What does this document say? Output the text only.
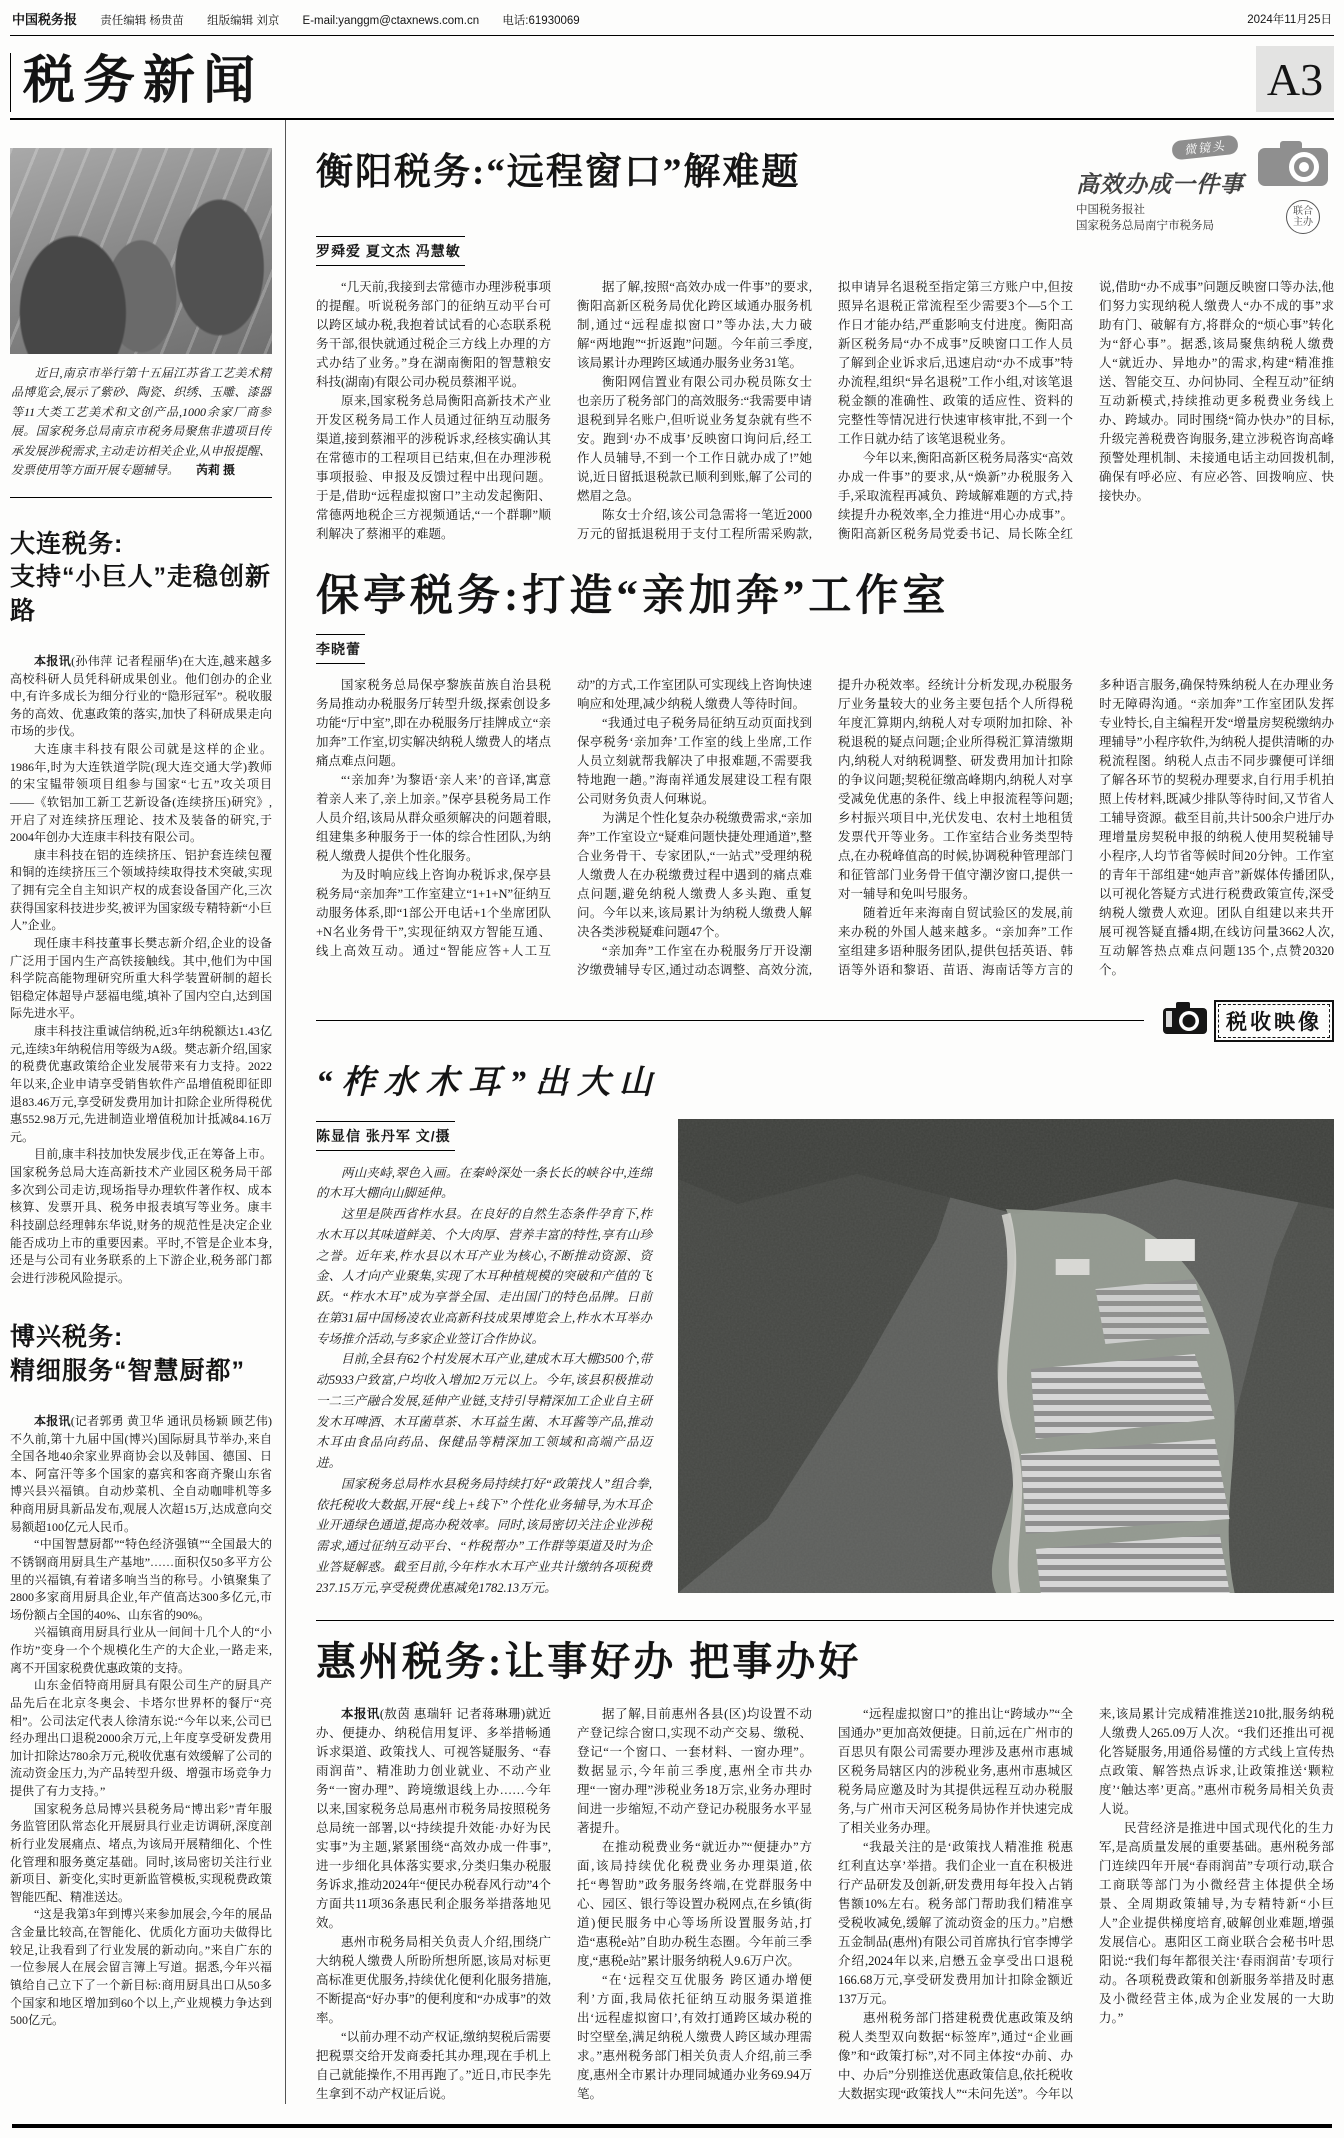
中国税务报 责任编辑 杨贵苗 组版编辑 刘京 E-mail:yanggm@ctaxnews.com.cn 电话:61930069	2024年11月25日
税务新闻	A3

近日,南京市举行第十五届江苏省工艺美术精品博览会,展示了紫砂、陶瓷、织绣、玉雕、漆器等11大类工艺美术和文创产品,1000余家厂商参展。国家税务总局南京市税务局聚焦非遗项目传承发展涉税需求,主动走访相关企业,从申报提醒、发票使用等方面开展专题辅导。 芮莉 摄

大连税务:
支持“小巨人”走稳创新路

本报讯(孙伟萍 记者程丽华)在大连,越来越多高校科研人员凭科研成果创业。他们创办的企业中,有许多成长为细分行业的“隐形冠军”。税收服务的高效、优惠政策的落实,加快了科研成果走向市场的步伐。

大连康丰科技有限公司就是这样的企业。1986年,时为大连铁道学院(现大连交通大学)教师的宋宝韫带领项目组参与国家“七五”攻关项目——《软铝加工新工艺新设备(连续挤压)研究》,开启了对连续挤压理论、技术及装备的研究,于2004年创办大连康丰科技有限公司。

康丰科技在铝的连续挤压、铝护套连续包覆和铜的连续挤压三个领域持续取得技术突破,实现了拥有完全自主知识产权的成套设备国产化,三次获得国家科技进步奖,被评为国家级专精特新“小巨人”企业。

现任康丰科技董事长樊志新介绍,企业的设备广泛用于国内生产高铁接触线。其中,他们为中国科学院高能物理研究所重大科学装置研制的超长铝稳定体超导卢瑟福电缆,填补了国内空白,达到国际先进水平。

康丰科技注重诚信纳税,近3年纳税额达1.43亿元,连续3年纳税信用等级为A级。樊志新介绍,国家的税费优惠政策给企业发展带来有力支持。2022年以来,企业申请享受销售软件产品增值税即征即退83.46万元,享受研发费用加计扣除企业所得税优惠552.98万元,先进制造业增值税加计抵减84.16万元。

目前,康丰科技加快发展步伐,正在筹备上市。国家税务总局大连高新技术产业园区税务局干部多次到公司走访,现场指导办理软件著作权、成本核算、发票开具、税务申报表填写等业务。康丰科技副总经理韩东华说,财务的规范性是决定企业能否成功上市的重要因素。平时,不管是企业本身,还是与公司有业务联系的上下游企业,税务部门都会进行涉税风险提示。

博兴税务:
精细服务“智慧厨都”

本报讯(记者郭勇 黄卫华 通讯员杨颖 顾艺伟)不久前,第十九届中国(博兴)国际厨具节举办,来自全国各地40余家业界商协会以及韩国、德国、日本、阿富汗等多个国家的嘉宾和客商齐聚山东省博兴县兴福镇。自动炒菜机、全自动咖啡机等多种商用厨具新品发布,观展人次超15万,达成意向交易额超100亿元人民币。

“中国智慧厨都”“特色经济强镇”“全国最大的不锈钢商用厨具生产基地”……面积仅50多平方公里的兴福镇,有着诸多响当当的称号。小镇聚集了2800多家商用厨具企业,年产值高达300多亿元,市场份额占全国的40%、山东省的90%。

兴福镇商用厨具行业从一间间十几个人的“小作坊”变身一个个规模化生产的大企业,一路走来,离不开国家税费优惠政策的支持。

山东金佰特商用厨具有限公司生产的厨具产品先后在北京冬奥会、卡塔尔世界杯的餐厅“亮相”。公司法定代表人徐清东说:“今年以来,公司已经办理出口退税2000余万元,上年度享受研发费用加计扣除达780余万元,税收优惠有效缓解了公司的流动资金压力,为产品转型升级、增强市场竞争力提供了有力支持。”

国家税务总局博兴县税务局“博出彩”青年服务监管团队常态化开展厨具行业走访调研,深度剖析行业发展痛点、堵点,为该局开展精细化、个性化管理和服务奠定基础。同时,该局密切关注行业新项目、新变化,实时更新监管模板,实现税费政策智能匹配、精准送达。

“这是我第3年到博兴来参加展会,今年的展品含金量比较高,在智能化、优质化方面功夫做得比较足,让我看到了行业发展的新动向。”来自广东的一位参展人在展会留言簿上写道。据悉,今年兴福镇给自己立下了一个新目标:商用厨具出口从50多个国家和地区增加到60个以上,产业规模力争达到500亿元。

衡阳税务:“远程窗口”解难题
微镜头
高效办成一件事
中国税务报社
国家税务总局南宁市税务局
联合
主办
罗舜爱 夏文杰 冯慧敏

“几天前,我接到去常德市办理涉税事项的提醒。听说税务部门的征纳互动平台可以跨区域办税,我抱着试试看的心态联系税务干部,很快就通过税企三方线上办理的方式办结了业务。”身在湖南衡阳的智慧粮安科技(湖南)有限公司办税员蔡湘平说。

原来,国家税务总局衡阳高新技术产业开发区税务局工作人员通过征纳互动服务渠道,接到蔡湘平的涉税诉求,经核实确认其在常德市的工程项目已结束,但在办理涉税事项报验、申报及反馈过程中出现问题。于是,借助“远程虚拟窗口”主动发起衡阳、常德两地税企三方视频通话,“一个群聊”顺利解决了蔡湘平的难题。

据了解,按照“高效办成一件事”的要求,衡阳高新区税务局优化跨区域通办服务机制,通过“远程虚拟窗口”等办法,大力破解“两地跑”“折返跑”问题。今年前三季度,该局累计办理跨区域通办服务业务31笔。

衡阳网信置业有限公司办税员陈女士也亲历了税务部门的高效服务:“我需要申请退税到异名账户,但听说业务复杂就有些不安。跑到‘办不成事’反映窗口询问后,经工作人员辅导,不到一个工作日就办成了!”她说,近日留抵退税款已顺利到账,解了公司的燃眉之急。

陈女士介绍,该公司急需将一笔近2000万元的留抵退税用于支付工程所需采购款,拟申请异名退税至指定第三方账户中,但按照异名退税正常流程至少需要3个—5个工作日才能办结,严重影响支付进度。衡阳高新区税务局“办不成事”反映窗口工作人员了解到企业诉求后,迅速启动“办不成事”特办流程,组织“异名退税”工作小组,对该笔退税金额的准确性、政策的适应性、资料的完整性等情况进行快速审核审批,不到一个工作日就办结了该笔退税业务。

今年以来,衡阳高新区税务局落实“高效办成一件事”的要求,从“焕新”办税服务入手,采取流程再减负、跨域解难题的方式,持续提升办税效率,全力推进“用心办成事”。衡阳高新区税务局党委书记、局长陈全红说,借助“办不成事”问题反映窗口等办法,他们努力实现纳税人缴费人“办不成的事”求助有门、破解有方,将群众的“烦心事”转化为“舒心事”。据悉,该局聚焦纳税人缴费人“就近办、异地办”的需求,构建“精准推送、智能交互、办问协同、全程互动”征纳互动新模式,持续推动更多税费业务线上办、跨域办。同时围绕“简办快办”的目标,升级完善税费咨询服务,建立涉税咨询高峰预警处理机制、未接通电话主动回拨机制,确保有呼必应、有应必答、回拨响应、快接快办。

保亭税务:打造“亲加奔”工作室
李晓蕾

国家税务总局保亭黎族苗族自治县税务局推动办税服务厅转型升级,探索创设多功能“厅中室”,即在办税服务厅挂牌成立“亲加奔”工作室,切实解决纳税人缴费人的堵点痛点难点问题。

“‘亲加奔’为黎语‘亲人来’的音译,寓意着亲人来了,亲上加亲。”保亭县税务局工作人员介绍,该局从群众亟须解决的问题着眼,组建集多种服务于一体的综合性团队,为纳税人缴费人提供个性化服务。

为及时响应线上咨询办税诉求,保亭县税务局“亲加奔”工作室建立“1+1+N”征纳互动服务体系,即“1部公开电话+1个坐席团队+N名业务骨干”,实现征纳双方智能互通、线上高效互动。通过“智能应答+人工互动”的方式,工作室团队可实现线上咨询快速响应和处理,减少纳税人缴费人等待时间。

“我通过电子税务局征纳互动页面找到保亭税务‘亲加奔’工作室的线上坐席,工作人员立刻就帮我解决了申报难题,不需要我特地跑一趟。”海南祥通发展建设工程有限公司财务负责人何琳说。

为满足个性化复杂办税缴费需求,“亲加奔”工作室设立“疑难问题快捷处理通道”,整合业务骨干、专家团队,“一站式”受理纳税人缴费人在办税缴费过程中遇到的痛点难点问题,避免纳税人缴费人多头跑、重复问。今年以来,该局累计为纳税人缴费人解决各类涉税疑难问题47个。

“亲加奔”工作室在办税服务厅开设潮汐缴费辅导专区,通过动态调整、高效分流,提升办税效率。经统计分析发现,办税服务厅业务量较大的业务主要包括个人所得税年度汇算期内,纳税人对专项附加扣除、补税退税的疑点问题;企业所得税汇算清缴期内,纳税人对纳税调整、研发费用加计扣除的争议问题;契税征缴高峰期内,纳税人对享受减免优惠的条件、线上申报流程等问题;乡村振兴项目中,光伏发电、农村土地租赁发票代开等业务。工作室结合业务类型特点,在办税峰值高的时候,协调税种管理部门和征管部门业务骨干值守潮汐窗口,提供一对一辅导和免叫号服务。

随着近年来海南自贸试验区的发展,前来办税的外国人越来越多。“亲加奔”工作室组建多语种服务团队,提供包括英语、韩语等外语和黎语、苗语、海南话等方言的多种语言服务,确保特殊纳税人在办理业务时无障碍沟通。“亲加奔”工作室团队发挥专业特长,自主编程开发“增量房契税缴纳办理辅导”小程序软件,为纳税人提供清晰的办税流程图。纳税人点击不同步骤便可详细了解各环节的契税办理要求,自行用手机拍照上传材料,既减少排队等待时间,又节省人工辅导资源。截至目前,共计500余户进厅办理增量房契税申报的纳税人使用契税辅导小程序,人均节省等候时间20分钟。工作室的青年干部组建“她声音”新媒体传播团队,以可视化答疑方式进行税费政策宣传,深受纳税人缴费人欢迎。团队自组建以来共开展可视答疑直播4期,在线访问量3662人次,互动解答热点难点问题135个,点赞20320个。

税收映像
“柞水木耳”出大山
陈显信 张丹军 文/摄

两山夹峙,翠色入画。在秦岭深处一条长长的峡谷中,连绵的木耳大棚向山脚延伸。

这里是陕西省柞水县。在良好的自然生态条件孕育下,柞水木耳以其味道鲜美、个大肉厚、营养丰富的特性,享有山珍之誉。近年来,柞水县以木耳产业为核心,不断推动资源、资金、人才向产业聚集,实现了木耳种植规模的突破和产值的飞跃。“柞水木耳”成为享誉全国、走出国门的特色品牌。日前在第31届中国杨凌农业高新科技成果博览会上,柞水木耳举办专场推介活动,与多家企业签订合作协议。

目前,全县有62个村发展木耳产业,建成木耳大棚3500个,带动5933户致富,户均收入增加2万元以上。今年,该县积极推动一二三产融合发展,延伸产业链,支持引导精深加工企业自主研发木耳啤酒、木耳菌草茶、木耳益生菌、木耳酱等产品,推动木耳由食品向药品、保健品等精深加工领域和高端产品迈进。

国家税务总局柞水县税务局持续打好“政策找人”组合拳,依托税收大数据,开展“线上+线下”个性化业务辅导,为木耳企业开通绿色通道,提高办税效率。同时,该局密切关注企业涉税需求,通过征纳互动平台、“柞税帮办”工作群等渠道及时为企业答疑解惑。截至目前,今年柞水木耳产业共计缴纳各项税费237.15万元,享受税费优惠减免1782.13万元。

惠州税务:让事好办 把事办好

本报讯(敖茵 惠瑞轩 记者蒋琳珊)就近办、便捷办、纳税信用复评、多举措畅通诉求渠道、政策找人、可视答疑服务、“春雨润苗”、精准助力创业就业、不动产业务“一窗办理”、跨境缴退线上办……今年以来,国家税务总局惠州市税务局按照税务总局统一部署,以“持续提升效能·办好为民实事”为主题,紧紧围绕“高效办成一件事”,进一步细化具体落实要求,分类归集办税服务诉求,推动2024年“便民办税春风行动”4个方面共11项36条惠民利企服务举措落地见效。

惠州市税务局相关负责人介绍,围绕广大纳税人缴费人所盼所想所愿,该局对标更高标准更优服务,持续优化便利化服务措施,不断提高“好办事”的便利度和“办成事”的效率。

“以前办理不动产权证,缴纳契税后需要把税票交给开发商委托其办理,现在手机上自己就能操作,不用再跑了。”近日,市民李先生拿到不动产权证后说。

据了解,目前惠州各县(区)均设置不动产登记综合窗口,实现不动产交易、缴税、登记“一个窗口、一套材料、一窗办理”。数据显示,今年前三季度,惠州全市共办理“一窗办理”涉税业务18万宗,业务办理时间进一步缩短,不动产登记办税服务水平显著提升。

在推动税费业务“就近办”“便捷办”方面,该局持续优化税费业务办理渠道,依托“粤智助”政务服务终端,在党群服务中心、园区、银行等设置办税网点,在乡镇(街道)便民服务中心等场所设置服务站,打造“惠税e站”自助办税生态圈。今年前三季度,“惠税e站”累计服务纳税人9.6万户次。

“在‘远程交互优服务 跨区通办增便利’方面,我局依托征纳互动服务渠道推出‘远程虚拟窗口’,有效打通跨区域办税的时空壁垒,满足纳税人缴费人跨区域办理需求。”惠州税务部门相关负责人介绍,前三季度,惠州全市累计办理同城通办业务69.94万笔。

“远程虚拟窗口”的推出让“跨域办”“全国通办”更加高效便捷。日前,远在广州市的百思贝有限公司需要办理涉及惠州市惠城区税务局辖区内的涉税业务,惠州市惠城区税务局应邀及时为其提供远程互动办税服务,与广州市天河区税务局协作并快速完成了相关业务办理。

“我最关注的是‘政策找人精准推 税惠红利直达享’举措。我们企业一直在积极进行产品研发及创新,研发费用每年投入占销售额10%左右。税务部门帮助我们精准享受税收减免,缓解了流动资金的压力。”启懋五金制品(惠州)有限公司首席执行官李博学介绍,2024年以来,启懋五金享受出口退税166.68万元,享受研发费用加计扣除金额近137万元。

惠州税务部门搭建税费优惠政策及纳税人类型双向数据“标签库”,通过“企业画像”和“政策打标”,对不同主体按“办前、办中、办后”分别推送优惠政策信息,依托税收大数据实现“政策找人”“未问先送”。今年以来,该局累计完成精准推送210批,服务纳税人缴费人265.09万人次。“我们还推出可视化答疑服务,用通俗易懂的方式线上宣传热点政策、解答热点诉求,让政策推送‘颗粒度’‘触达率’更高。”惠州市税务局相关负责人说。

民营经济是推进中国式现代化的生力军,是高质量发展的重要基础。惠州税务部门连续四年开展“春雨润苗”专项行动,联合工商联等部门为小微经营主体提供全场景、全周期政策辅导,为专精特新“小巨人”企业提供梯度培育,破解创业难题,增强发展信心。惠阳区工商业联合会秘书叶思阳说:“我们每年都很关注‘春雨润苗’专项行动。各项税费政策和创新服务举措及时惠及小微经营主体,成为企业发展的一大助力。”
